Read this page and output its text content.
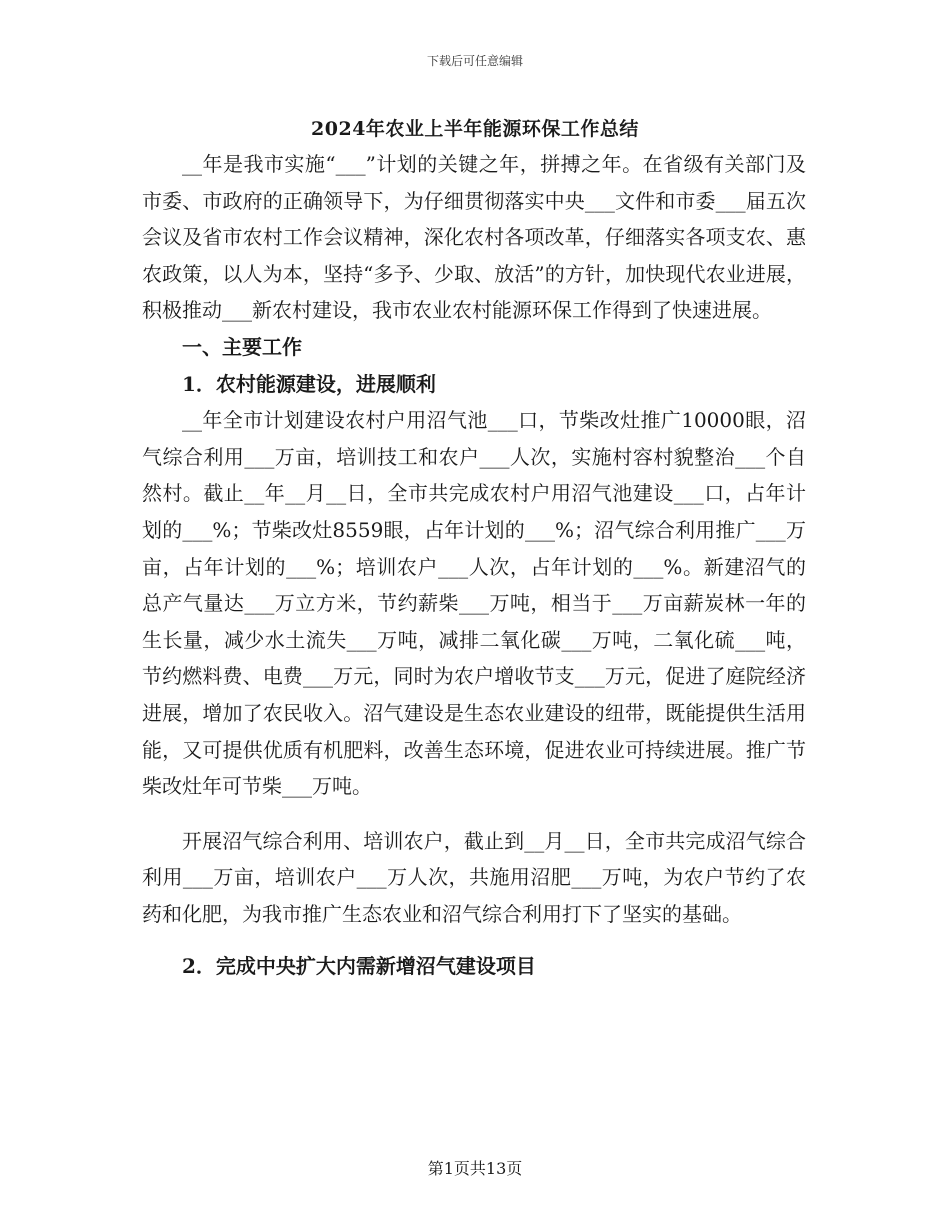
下载后可任意编辑
2024年农业上半年能源环保工作总结

__年是我市实施“___”计划的关键之年，拼搏之年。在省级有关部门及市委、市政府的正确领导下，为仔细贯彻落实中央___文件和市委___届五次会议及省市农村工作会议精神，深化农村各项改革，仔细落实各项支农、惠农政策，以人为本，坚持“多予、少取、放活”的方针，加快现代农业进展，积极推动___新农村建设，我市农业农村能源环保工作得到了快速进展。

一、主要工作
1．农村能源建设，进展顺利

__年全市计划建设农村户用沼气池___口，节柴改灶推广10000眼，沼气综合利用___万亩，培训技工和农户___人次，实施村容村貌整治___个自然村。截止__年__月__日，全市共完成农村户用沼气池建设___口，占年计划的___%；节柴改灶8559眼，占年计划的___%；沼气综合利用推广___万亩，占年计划的___%；培训农户___人次，占年计划的___%。新建沼气的总产气量达___万立方米，节约薪柴___万吨，相当于___万亩薪炭林一年的生长量，减少水土流失___万吨，减排二氧化碳___万吨，二氧化硫___吨，节约燃料费、电费___万元，同时为农户增收节支___万元，促进了庭院经济进展，增加了农民收入。沼气建设是生态农业建设的纽带，既能提供生活用能，又可提供优质有机肥料，改善生态环境，促进农业可持续进展。推广节柴改灶年可节柴___万吨。

开展沼气综合利用、培训农户，截止到__月__日，全市共完成沼气综合利用___万亩，培训农户___万人次，共施用沼肥___万吨，为农户节约了农药和化肥，为我市推广生态农业和沼气综合利用打下了坚实的基础。

2．完成中央扩大内需新增沼气建设项目
第1页共13页
